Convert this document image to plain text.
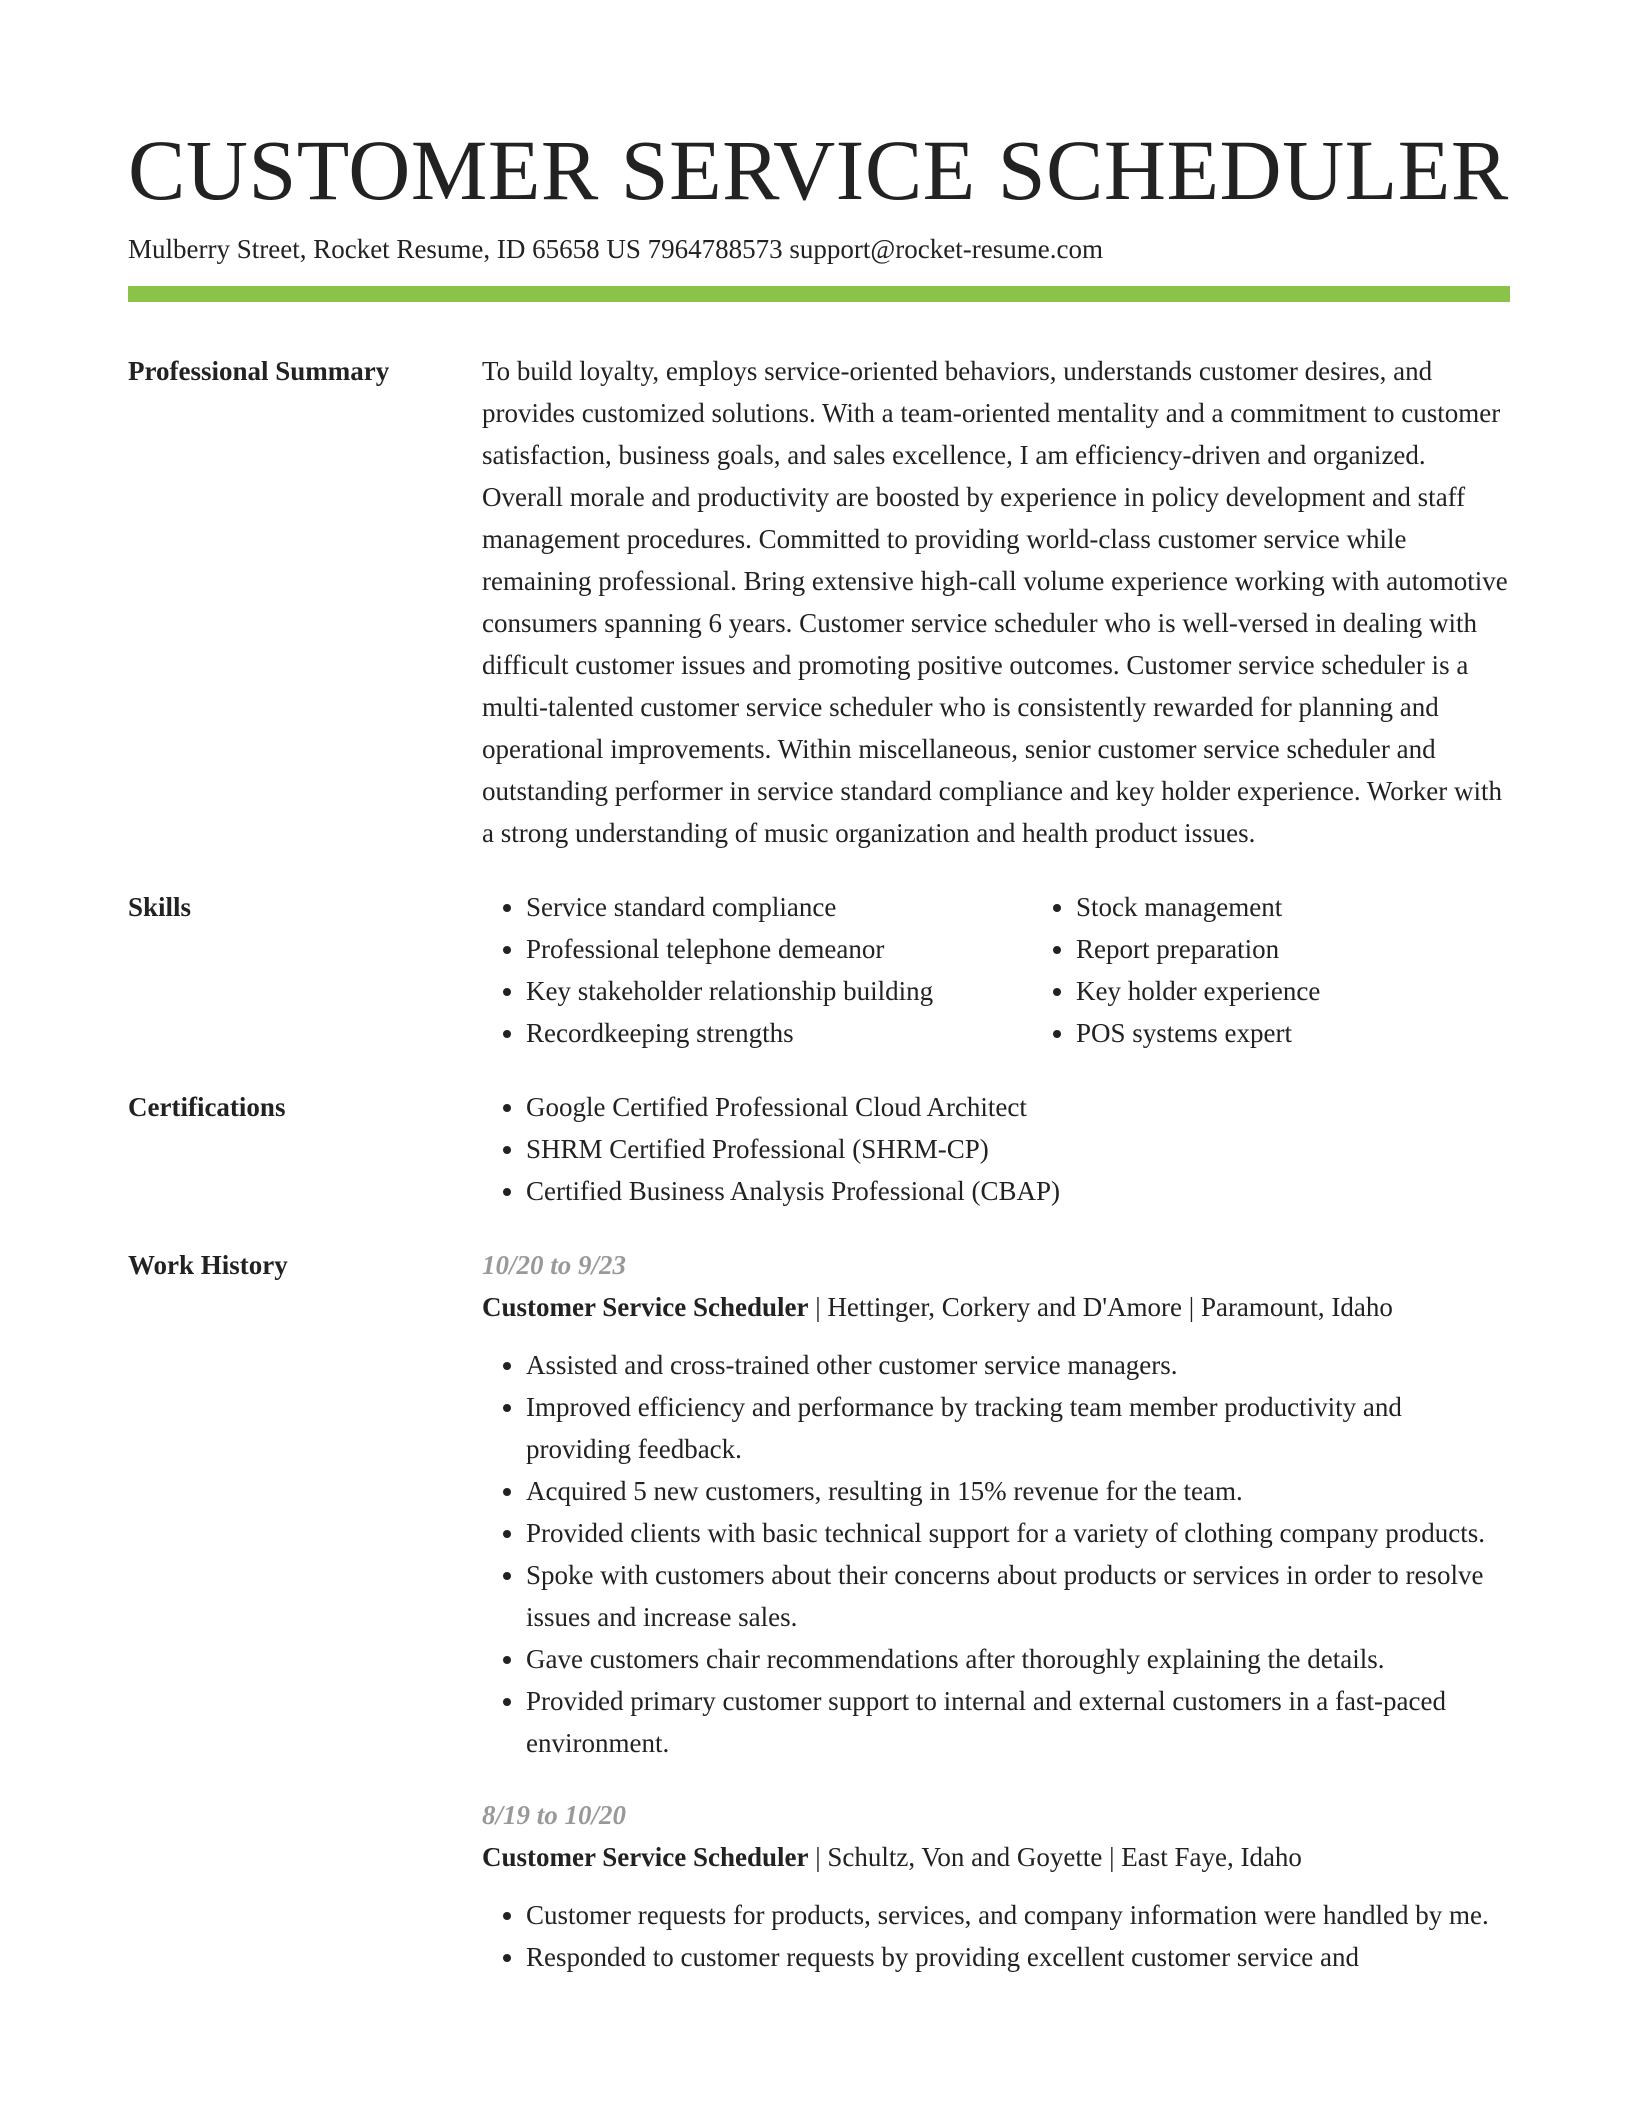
CUSTOMER SERVICE SCHEDULER
Mulberry Street, Rocket Resume, ID 65658 US 7964788573 support@rocket-resume.com
Professional Summary	To build loyalty, employs service-oriented behaviors, understands customer desires, and provides customized solutions. With a team-oriented mentality and a commitment to customer satisfaction, business goals, and sales excellence, I am efficiency-driven and organized. Overall morale and productivity are boosted by experience in policy development and staff management procedures. Committed to providing world-class customer service while remaining professional. Bring extensive high-call volume experience working with automotive consumers spanning 6 years. Customer service scheduler who is well-versed in dealing with difficult customer issues and promoting positive outcomes. Customer service scheduler is a multi-talented customer service scheduler who is consistently rewarded for planning and operational improvements. Within miscellaneous, senior customer service scheduler and outstanding performer in service standard compliance and key holder experience. Worker with a strong understanding of music organization and health product issues.

Skills	• Service standard compliance
• Professional telephone demeanor
• Key stakeholder relationship building
• Recordkeeping strengths
• Stock management
• Report preparation
• Key holder experience
• POS systems expert
Certifications	• Google Certified Professional Cloud Architect
• SHRM Certified Professional (SHRM-CP)
• Certified Business Analysis Professional (CBAP)
Work History	10/20 to 9/23
Customer Service Scheduler | Hettinger, Corkery and D'Amore | Paramount, Idaho
• Assisted and cross-trained other customer service managers.
• Improved efficiency and performance by tracking team member productivity and providing feedback.
• Acquired 5 new customers, resulting in 15% revenue for the team.
• Provided clients with basic technical support for a variety of clothing company products.
• Spoke with customers about their concerns about products or services in order to resolve issues and increase sales.
• Gave customers chair recommendations after thoroughly explaining the details.
• Provided primary customer support to internal and external customers in a fast-paced environment.
8/19 to 10/20
Customer Service Scheduler | Schultz, Von and Goyette | East Faye, Idaho
• Customer requests for products, services, and company information were handled by me.
• Responded to customer requests by providing excellent customer service and
